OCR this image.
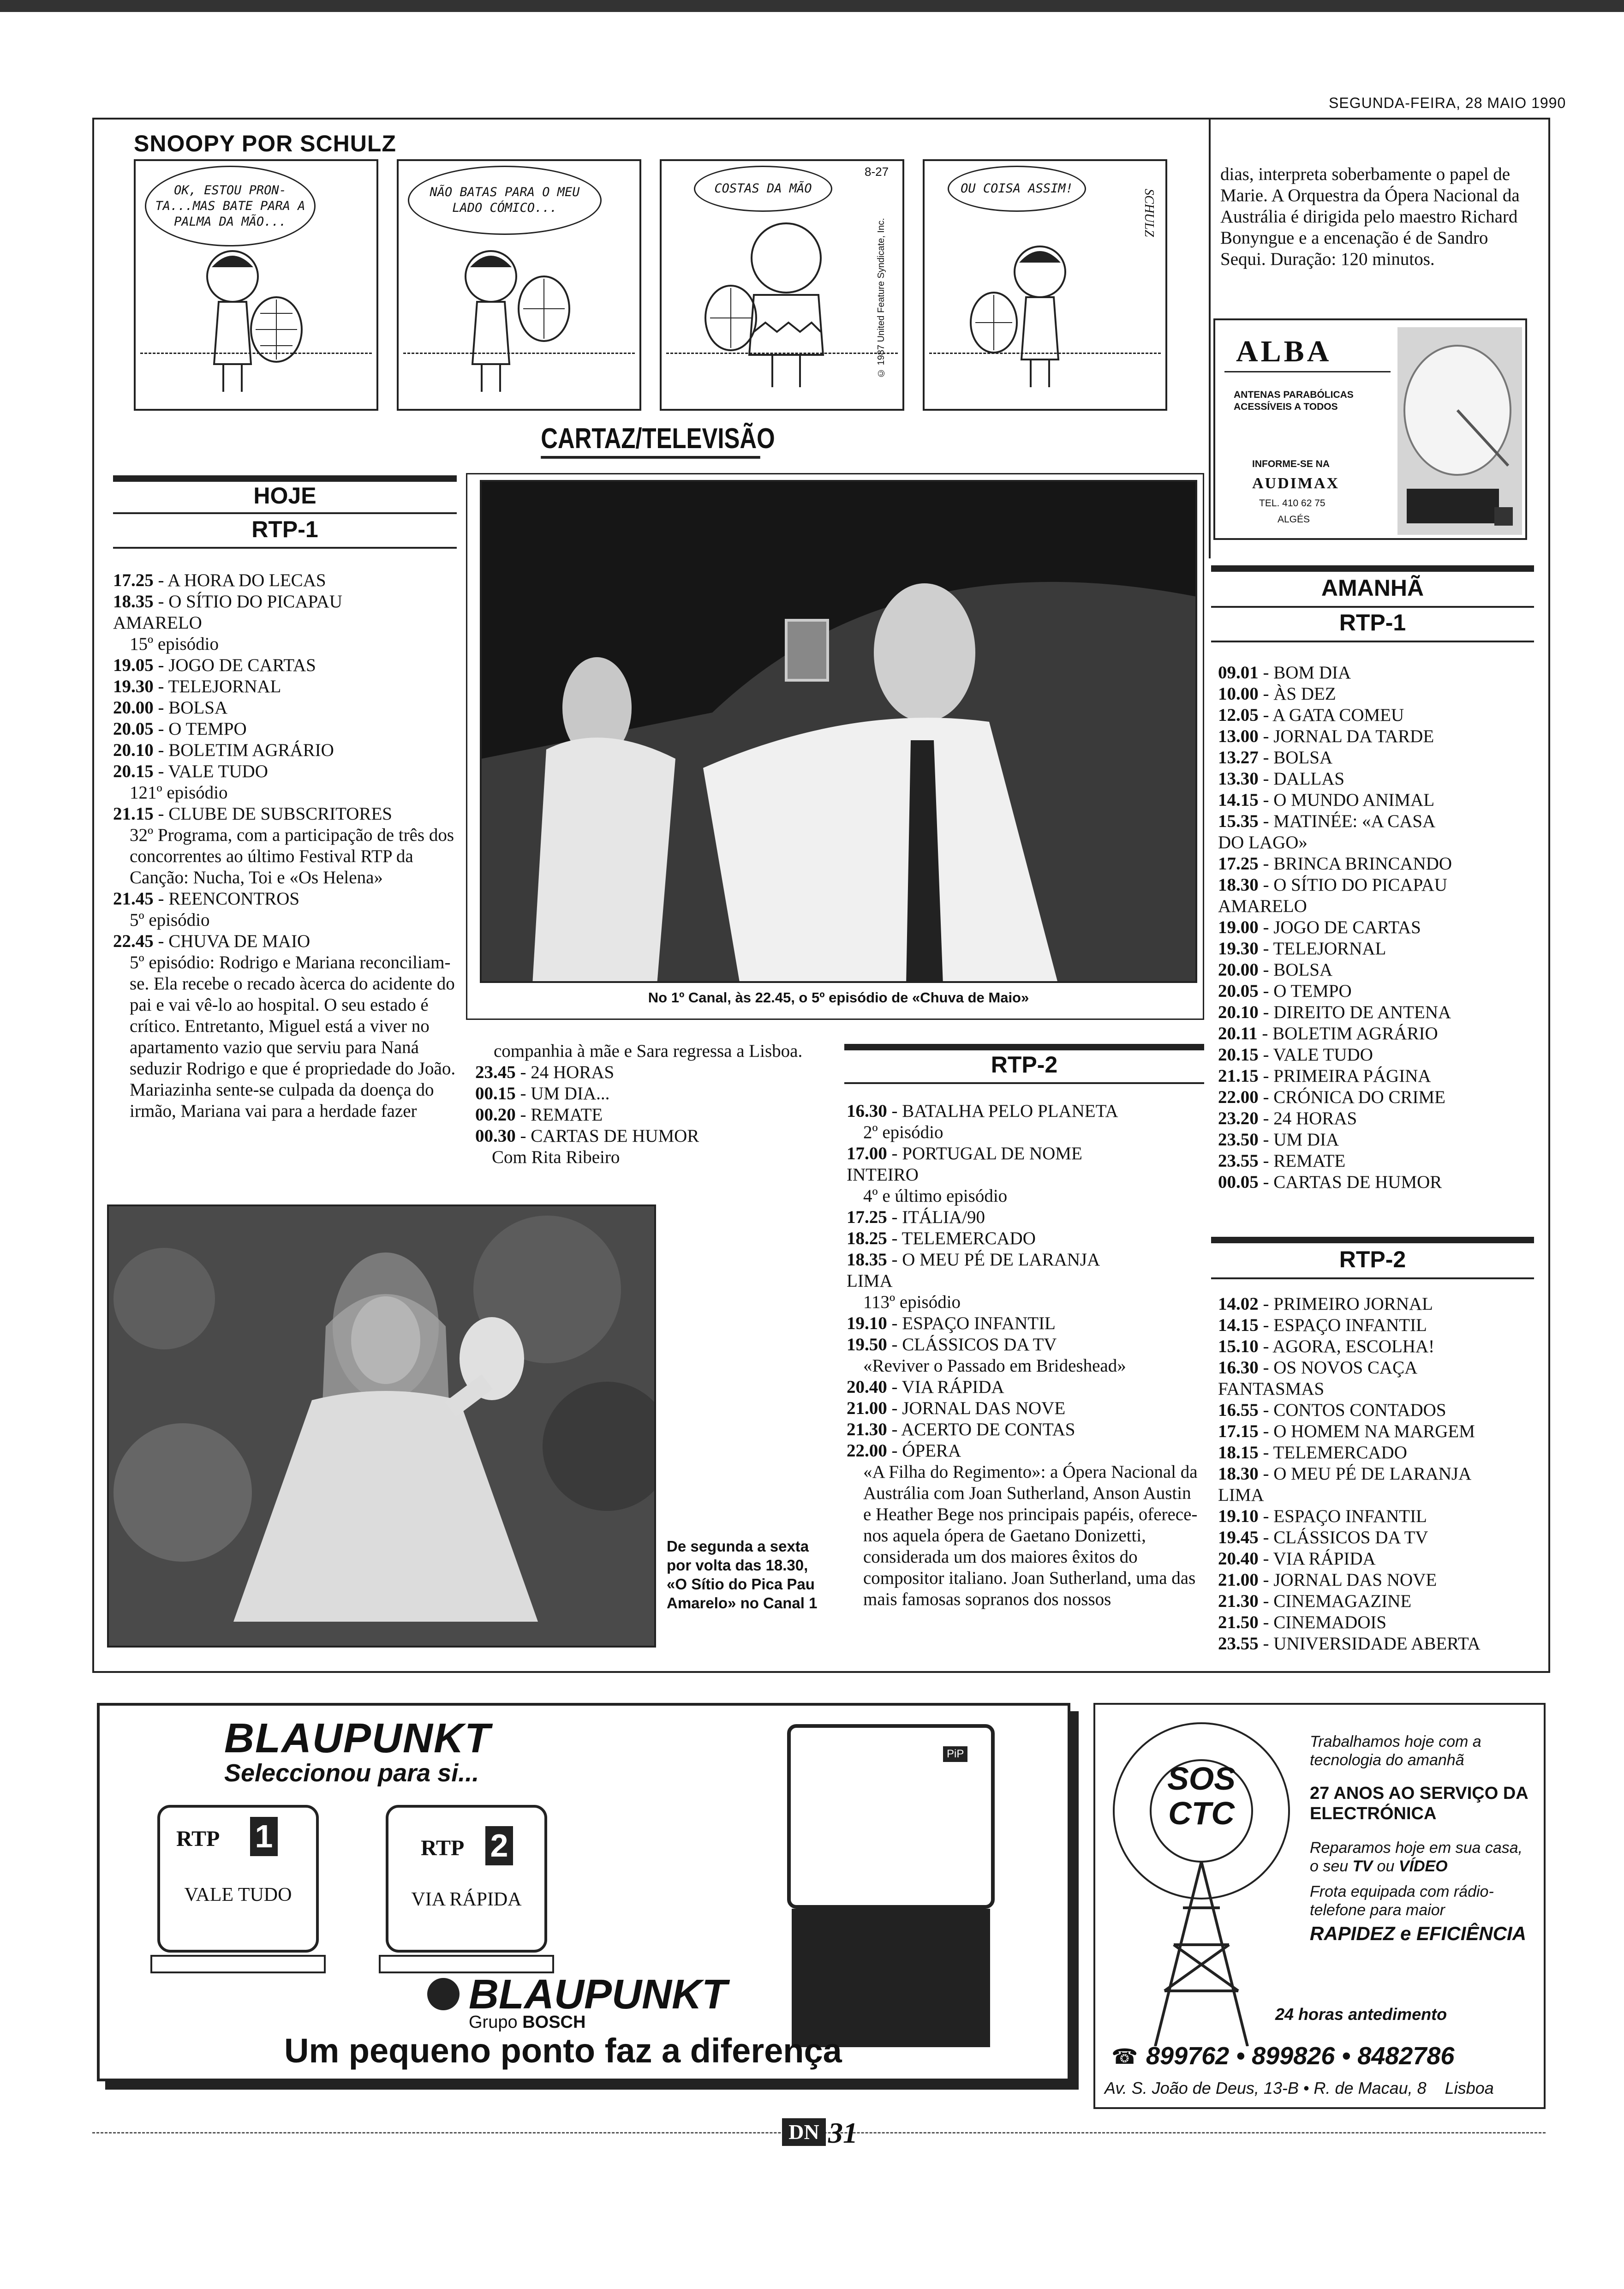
SEGUNDA-FEIRA, 28 MAIO 1990
SNOOPY POR SCHULZ
OK, ESTOU PRON-TA...MAS BATE PARA A PALMA DA MÃO...
NÃO BATAS PARA O MEU LADO CÓMICO...
COSTAS DA MÃO
8-27
© 1987 United Feature Syndicate, Inc.
OU COISA ASSIM!
SCHULZ
CARTAZ/TELEVISÃO
HOJE
RTP-1
17.25 - A HORA DO LECAS
18.35 - O SÍTIO DO PICAPAU
AMARELO
15º episódio
19.05 - JOGO DE CARTAS
19.30 - TELEJORNAL
20.00 - BOLSA
20.05 - O TEMPO
20.10 - BOLETIM AGRÁRIO
20.15 - VALE TUDO
121º episódio
21.15 - CLUBE DE SUBSCRITORES
32º Programa, com a participação de três dos concorrentes ao último Festival RTP da Canção: Nucha, Toi e «Os Helena»
21.45 - REENCONTROS
5º episódio
22.45 - CHUVA DE MAIO
5º episódio: Rodrigo e Mariana reconciliam-se. Ela recebe o recado àcerca do acidente do pai e vai vê-lo ao hospital. O seu estado é crítico. Entretanto, Miguel está a viver no apartamento vazio que serviu para Naná seduzir Rodrigo e que é propriedade do João. Mariazinha sente-se culpada da doença do irmão, Mariana vai para a herdade fazer
No 1º Canal, às 22.45, o 5º episódio de «Chuva de Maio»
companhia à mãe e Sara regressa a Lisboa.
23.45 - 24 HORAS
00.15 - UM DIA...
00.20 - REMATE
00.30 - CARTAS DE HUMOR
Com Rita Ribeiro
RTP-2
16.30 - BATALHA PELO PLANETA
2º episódio
17.00 - PORTUGAL DE NOME
INTEIRO
4º e último episódio
17.25 - ITÁLIA/90
18.25 - TELEMERCADO
18.35 - O MEU PÉ DE LARANJA
LIMA
113º episódio
19.10 - ESPAÇO INFANTIL
19.50 - CLÁSSICOS DA TV
«Reviver o Passado em Brideshead»
20.40 - VIA RÁPIDA
21.00 - JORNAL DAS NOVE
21.30 - ACERTO DE CONTAS
22.00 - ÓPERA
«A Filha do Regimento»: a Ópera Nacional da Austrália com Joan Sutherland, Anson Austin e Heather Bege nos principais papéis, oferece-nos aquela ópera de Gaetano Donizetti, considerada um dos maiores êxitos do compositor italiano. Joan Sutherland, uma das mais famosas sopranos dos nossos
De segunda a sexta por volta das 18.30, «O Sítio do Pica Pau Amarelo» no Canal 1
dias, interpreta soberbamente o papel de Marie. A Orquestra da Ópera Nacional da Austrália é dirigida pelo maestro Richard Bonyngue e a encenação é de Sandro Sequi. Duração: 120 minutos.
ALBA
ANTENAS PARABÓLICAS
ACESSÍVEIS A TODOS
INFORME-SE NA
AUDIMAX
TEL. 410 62 75
ALGÉS
AMANHÃ
RTP-1
09.01 - BOM DIA
10.00 - ÀS DEZ
12.05 - A GATA COMEU
13.00 - JORNAL DA TARDE
13.27 - BOLSA
13.30 - DALLAS
14.15 - O MUNDO ANIMAL
15.35 - MATINÉE: «A CASA
DO LAGO»
17.25 - BRINCA BRINCANDO
18.30 - O SÍTIO DO PICAPAU
AMARELO
19.00 - JOGO DE CARTAS
19.30 - TELEJORNAL
20.00 - BOLSA
20.05 - O TEMPO
20.10 - DIREITO DE ANTENA
20.11 - BOLETIM AGRÁRIO
20.15 - VALE TUDO
21.15 - PRIMEIRA PÁGINA
22.00 - CRÓNICA DO CRIME
23.20 - 24 HORAS
23.50 - UM DIA
23.55 - REMATE
00.05 - CARTAS DE HUMOR
RTP-2
14.02 - PRIMEIRO JORNAL
14.15 - ESPAÇO INFANTIL
15.10 - AGORA, ESCOLHA!
16.30 - OS NOVOS CAÇA
FANTASMAS
16.55 - CONTOS CONTADOS
17.15 - O HOMEM NA MARGEM
18.15 - TELEMERCADO
18.30 - O MEU PÉ DE LARANJA
LIMA
19.10 - ESPAÇO INFANTIL
19.45 - CLÁSSICOS DA TV
20.40 - VIA RÁPIDA
21.00 - JORNAL DAS NOVE
21.30 - CINEMAGAZINE
21.50 - CINEMADOIS
23.55 - UNIVERSIDADE ABERTA
BLAUPUNKT
Seleccionou para si...
RTP 1
VALE TUDO
RTP 2
VIA RÁPIDA
PiP
BLAUPUNKT
Grupo BOSCH
Um pequeno ponto faz a diferença
SOS
CTC
Trabalhamos hoje com a tecnologia do amanhã
27 ANOS AO SERVIÇO DA ELECTRÓNICA
Reparamos hoje em sua casa, o seu TV ou VÍDEO
Frota equipada com rádio-telefone para maior
RAPIDEZ e EFICIÊNCIA
24 horas antedimento
☎ 899762 • 899826 • 8482786
Av. S. João de Deus, 13-B • R. de Macau, 8 Lisboa
DN 31
